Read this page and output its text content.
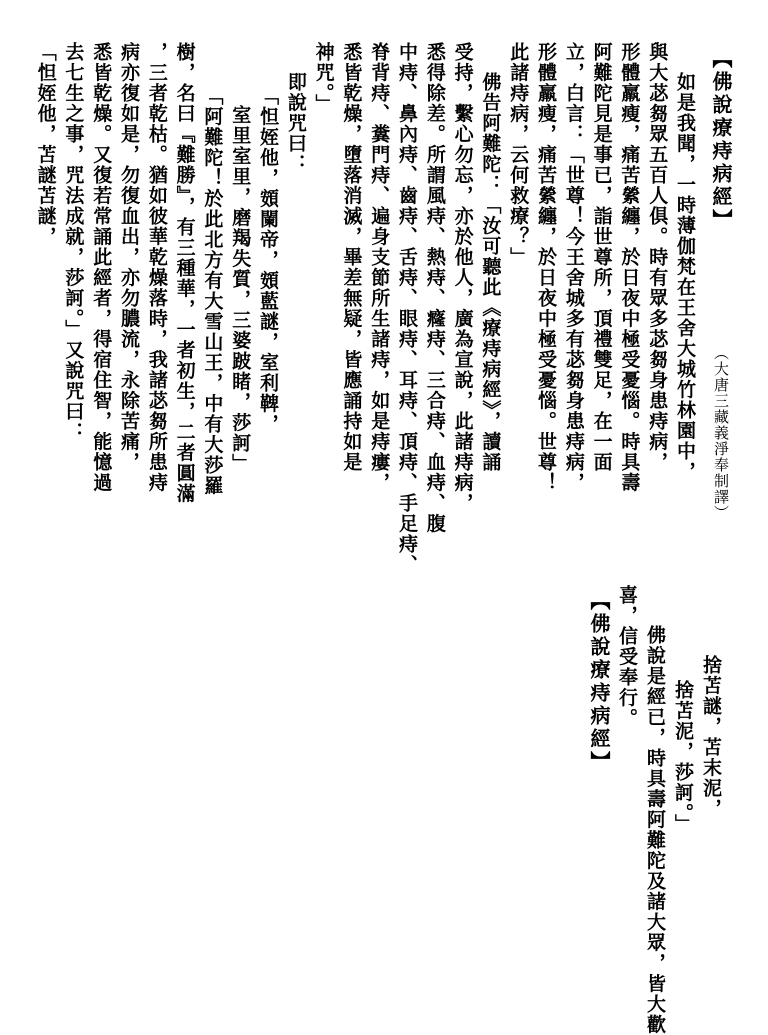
【佛說療痔病經】
（大唐三藏義淨奉制譯）
如是我聞，一時薄伽梵在王舍大城竹林園中，
與大苾芻眾五百人俱。時有眾多苾芻身患痔病，
形體羸瘦，痛苦縈纏，於日夜中極受憂惱。時具壽
阿難陀見是事已，詣世尊所，頂禮雙足，在一面
立，白言：「世尊！今王舍城多有苾芻身患痔病，
形體羸瘦，痛苦縈纏，於日夜中極受憂惱。世尊！
此諸痔病，云何救療？」
佛告阿難陀：「汝可聽此《療痔病經》，讀誦
受持，繫心勿忘，亦於他人，廣為宣說，此諸痔病，
悉得除差。所謂風痔、熱痔、癃痔、三合痔、血痔、腹
中痔、鼻內痔、齒痔、舌痔、眼痔、耳痔、頂痔、手足痔、
脊背痔、糞門痔、遍身支節所生諸痔，如是痔瘻，
悉皆乾燥，墮落消滅，畢差無疑，皆應誦持如是
神咒。」
即說咒曰：
「怛姪他，頞闌帝，頞藍謎，室利鞞，
室里室里，磨羯失質，三婆跛睹，莎訶」
「阿難陀！於此北方有大雪山王，中有大莎羅
樹，名曰『難勝』，有三種華，一者初生，二者圓滿
，三者乾枯。猶如彼華乾燥落時，我諸苾芻所患痔
病亦復如是，勿復血出，亦勿膿流，永除苦痛，
悉皆乾燥。又復若常誦此經者，得宿住智，能憶過
去七生之事，咒法成就，莎訶。」又說咒曰：
「怛姪他，苫謎苫謎，
捨苫謎，苫末泥，
捨苫泥，莎訶。」
佛說是經已，時具壽阿難陀及諸大眾，皆大歡
喜，信受奉行。
【佛說療痔病經】
